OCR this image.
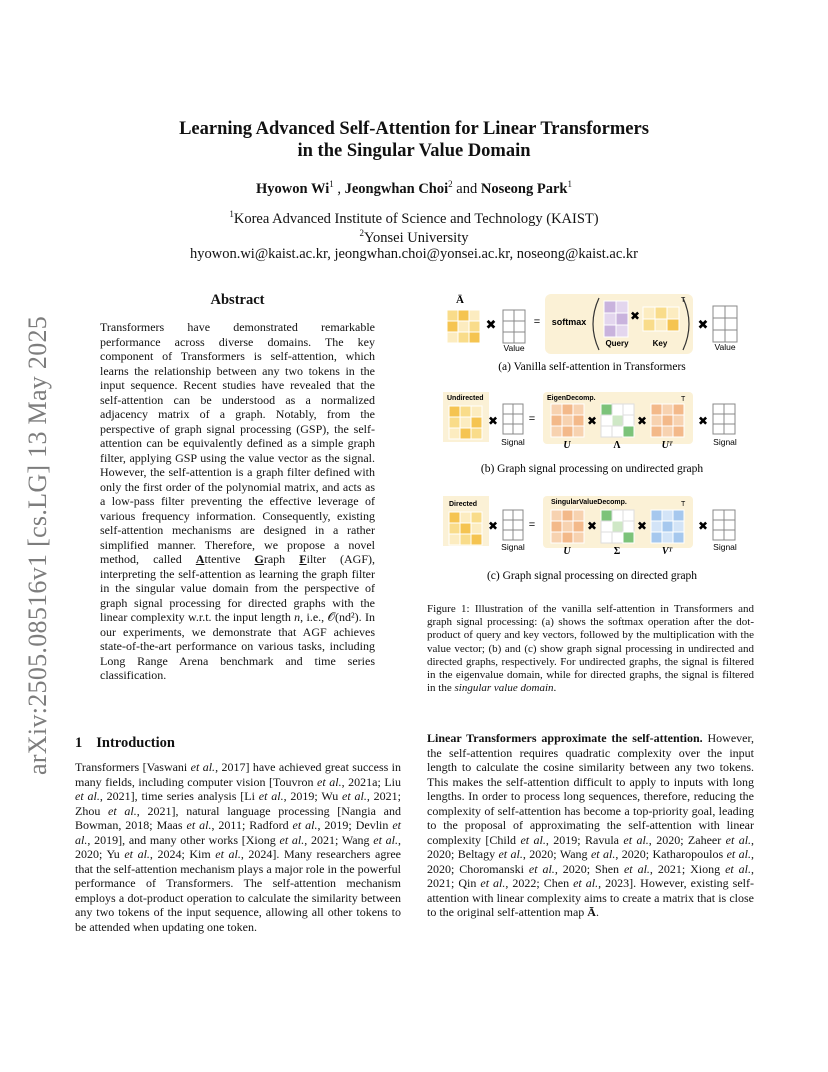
Learning Advanced Self-Attention for Linear Transformers
in the Singular Value Domain
Hyowon Wi$^1$ , Jeongwhan Choi$^2$ and Noseong Park$^1$
$^1$Korea Advanced Institute of Science and Technology (KAIST)
$^2$Yonsei University
hyowon.wi@kaist.ac.kr, jeongwhan.choi@yonsei.ac.kr, noseong@kaist.ac.kr
arXiv:2505.08516v1 [cs.LG] 13 May 2025
Abstract
Transformers have demonstrated remarkable performance across diverse domains. The key component of Transformers is self-attention, which learns the relationship between any two tokens in the input sequence. Recent studies have revealed that the self-attention can be understood as a normalized adjacency matrix of a graph. Notably, from the perspective of graph signal processing (GSP), the self-attention can be equivalently defined as a simple graph filter, applying GSP using the value vector as the signal. However, the self-attention is a graph filter defined with only the first order of the polynomial matrix, and acts as a low-pass filter preventing the effective leverage of various frequency information. Consequently, existing self-attention mechanisms are designed in a rather simplified manner. Therefore, we propose a novel method, called Attentive Graph Filter (AGF), interpreting the self-attention as learning the graph filter in the singular value domain from the perspective of graph signal processing for directed graphs with the linear complexity w.r.t. the input length n, i.e., 𝒪(nd²). In our experiments, we demonstrate that AGF achieves state-of-the-art performance on various tasks, including Long Range Arena benchmark and time series classification.
1 Introduction
Transformers [Vaswani et al., 2017] have achieved great success in many fields, including computer vision [Touvron et al., 2021a; Liu et al., 2021], time series analysis [Li et al., 2019; Wu et al., 2021; Zhou et al., 2021], natural language processing [Nangia and Bowman, 2018; Maas et al., 2011; Radford et al., 2019; Devlin et al., 2019], and many other works [Xiong et al., 2021; Wang et al., 2020; Yu et al., 2024; Kim et al., 2024]. Many researchers agree that the self-attention mechanism plays a major role in the powerful performance of Transformers. The self-attention mechanism employs a dot-product operation to calculate the similarity between any two tokens of the input sequence, allowing all other tokens to be attended when updating one token.
Linear Transformers approximate the self-attention. However, the self-attention requires quadratic complexity over the input length to calculate the cosine similarity between any two tokens. This makes the self-attention difficult to apply to inputs with long lengths. In order to process long sequences, therefore, reducing the complexity of self-attention has become a top-priority goal, leading to the proposal of approximating the self-attention with linear complexity [Child et al., 2019; Ravula et al., 2020; Zaheer et al., 2020; Beltagy et al., 2020; Wang et al., 2020; Katharopoulos et al., 2020; Choromanski et al., 2020; Shen et al., 2021; Xiong et al., 2021; Qin et al., 2022; Chen et al., 2023]. However, existing self-attention with linear complexity aims to create a matrix that is close to the original self-attention map Ā.
Ā
✖
Value
= softmax
Query
✖
Key
T
✖
Value
(a) Vanilla self-attention in Transformers
Undirected
✖
Signal
=
EigenDecomp.
✖	✖
T
U	Λ	Uᵀ
✖
Signal
(b) Graph signal processing on undirected graph
Directed
✖
Signal
=
SingularValueDecomp.
✖	✖
T
U	Σ	Vᵀ
✖
Signal
(c) Graph signal processing on directed graph
Figure 1: Illustration of the vanilla self-attention in Transformers and graph signal processing: (a) shows the softmax operation after the dot-product of query and key vectors, followed by the multiplication with the value vector; (b) and (c) show graph signal processing in undirected and directed graphs, respectively. For undirected graphs, the signal is filtered in the eigenvalue domain, while for directed graphs, the signal is filtered in the singular value domain.
